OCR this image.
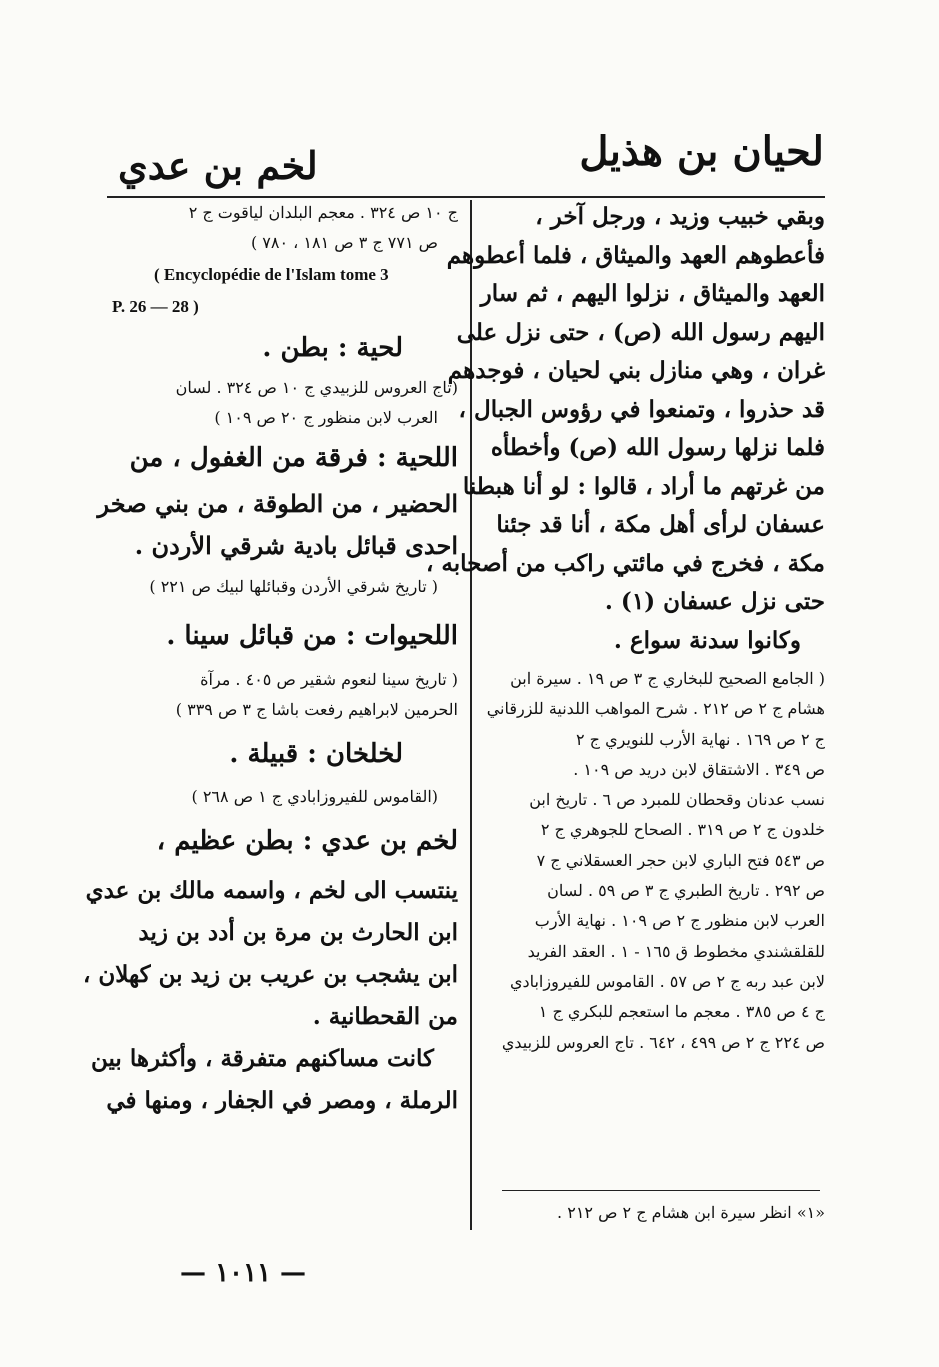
لحيان بن هذيل
لخم بن عدي
وبقي خبيب وزيد ، ورجل آخر ،
فأعطوهم العهد والميثاق ، فلما أعطوهم
العهد والميثاق ، نزلوا اليهم ، ثم سار
اليهم رسول الله (ص) ، حتى نزل على
غران ، وهي منازل بني لحيان ، فوجدهم
قد حذروا ، وتمنعوا في رؤوس الجبال ،
فلما نزلها رسول الله (ص) وأخطأه
من غرتهم ما أراد ، قالوا : لو أنا هبطنا
عسفان لرأى أهل مكة ، أنا قد جئنا
مكة ، فخرج في مائتي راكب من أصحابه ،
حتى نزل عسفان (١) .
وكانوا سدنة سواع .
( الجامع الصحيح للبخاري ج ٣ ص ١٩ . سيرة ابن
هشام ج ٢ ص ٢١٢ . شرح المواهب اللدنية للزرقاني
ج ٢ ص ١٦٩ . نهاية الأرب للنويري ج ٢
ص ٣٤٩ . الاشتقاق لابن دريد ص ١٠٩ .
نسب عدنان وقحطان للمبرد ص ٦ . تاريخ ابن
خلدون ج ٢ ص ٣١٩ . الصحاح للجوهري ج ٢
ص ٥٤٣ فتح الباري لابن حجر العسقلاني ج ٧
ص ٢٩٢ . تاريخ الطبري ج ٣ ص ٥٩ . لسان
العرب لابن منظور ج ٢ ص ١٠٩ . نهاية الأرب
للقلقشندي مخطوط ق ١٦٥ - ١ . العقد الفريد
لابن عبد ربه ج ٢ ص ٥٧ . القاموس للفيروزابادي
ج ٤ ص ٣٨٥ . معجم ما استعجم للبكري ج ١
ص ٢٢٤ ج ٢ ص ٤٩٩ ، ٦٤٢ . تاج العروس للزبيدي
«١» انظر سيرة ابن هشام ج ٢ ص ٢١٢ .
ج ١٠ ص ٣٢٤ . معجم البلدان لياقوت ج ٢
ص ٧٧١ ج ٣ ص ١٨١ ، ٧٨٠ )
( Encyclopédie de l'Islam tome 3
P. 26 — 28 )
لحية : بطن .
(تاج العروس للزبيدي ج ١٠ ص ٣٢٤ . لسان
العرب لابن منظور ج ٢٠ ص ١٠٩ )
اللحية : فرقة من الغفول ، من
الحضير ، من الطوقة ، من بني صخر
احدى قبائل بادية شرقي الأردن .
( تاريخ شرقي الأردن وقبائلها لبيك ص ٢٢١ )
اللحيوات : من قبائل سينا .
( تاريخ سينا لنعوم شقير ص ٤٠٥ . مرآة
الحرمين لابراهيم رفعت باشا ج ٣ ص ٣٣٩ )
لخلخان : قبيلة .
(القاموس للفيروزابادي ج ١ ص ٢٦٨ )
لخم بن عدي : بطن عظيم ،
ينتسب الى لخم ، واسمه مالك بن عدي
ابن الحارث بن مرة بن أدد بن زيد
ابن يشجب بن عريب بن زيد بن كهلان ،
من القحطانية .
كانت مساكنهم متفرقة ، وأكثرها بين
الرملة ، ومصر في الجفار ، ومنها في
— ١٠١١ —
